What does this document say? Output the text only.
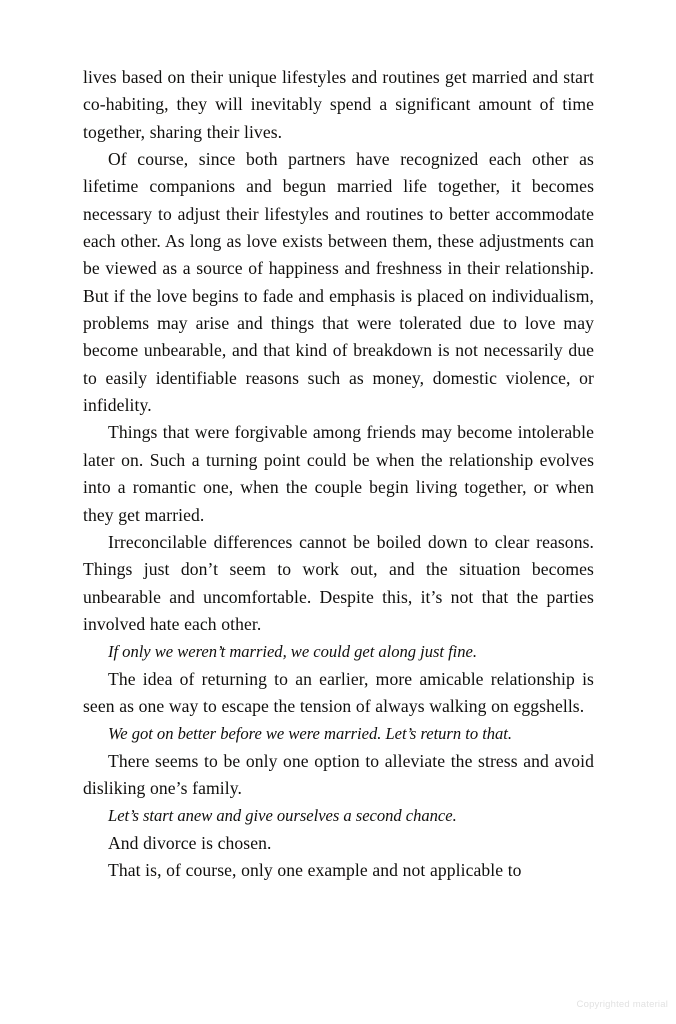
lives based on their unique lifestyles and routines get married and start co-habiting, they will inevitably spend a significant amount of time together, sharing their lives.

Of course, since both partners have recognized each other as lifetime companions and begun married life together, it becomes necessary to adjust their lifestyles and routines to better accommodate each other. As long as love exists between them, these adjustments can be viewed as a source of happiness and freshness in their relationship. But if the love begins to fade and emphasis is placed on individualism, problems may arise and things that were tolerated due to love may become unbearable, and that kind of breakdown is not necessarily due to easily identifiable reasons such as money, domestic violence, or infidelity.

Things that were forgivable among friends may become intolerable later on. Such a turning point could be when the relationship evolves into a romantic one, when the couple begin living together, or when they get married.

Irreconcilable differences cannot be boiled down to clear reasons. Things just don’t seem to work out, and the situation becomes unbearable and uncomfortable. Despite this, it’s not that the parties involved hate each other.

If only we weren’t married, we could get along just fine.

The idea of returning to an earlier, more amicable relationship is seen as one way to escape the tension of always walking on eggshells.

We got on better before we were married. Let’s return to that.

There seems to be only one option to alleviate the stress and avoid disliking one’s family.

Let’s start anew and give ourselves a second chance.

And divorce is chosen.

That is, of course, only one example and not applicable to

Copyrighted material
